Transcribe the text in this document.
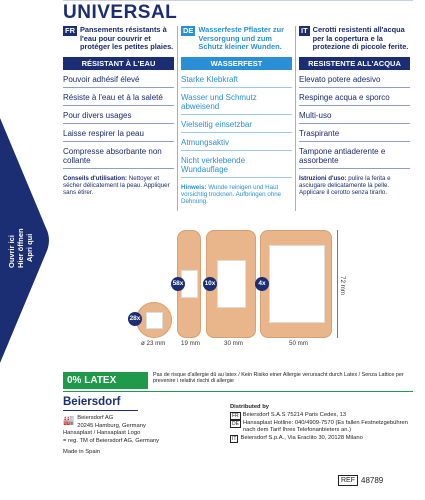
UNIVERSAL
FR Pansements résistants à l'eau pour couvrir et protéger les petites plaies.
RÉSISTANT À L'EAU
Pouvoir adhésif élevé
Résiste à l'eau et à la saleté
Pour divers usages
Laisse respirer la peau
Compresse absorbante non collante
Conseils d'utilisation: Nettoyer et sécher délicatement la peau. Appliquer sans étirer.
DE Wasserfeste Pflaster zur Versorgung und zum Schutz kleiner Wunden.
WASSERFEST
Starke Klebkraft
Wasser und Schmutz abweisend
Vielseitig einsetzbar
Atmungsaktiv
Nicht verklebende Wundauflage
Hinweis: Wunde reinigen und Haut vorsichtig trocknen. Aufbringen ohne Dehnung.
IT Cerotti resistenti all'acqua per la copertura e la protezione di piccole ferite.
RESISTENTE ALL'ACQUA
Elevato potere adesivo
Respinge acqua e sporco
Multi-uso
Traspirante
Tampone antiaderente e assorbente
Istruzioni d'uso: pulire la ferita e asciugare delicatamente la pelle. Applicare il cerotto senza tirarlo.
Ouvrir ici Hier öffnen Apri qui
28x
ø 23 mm
58x
19 mm
10x
30 mm
4x
50 mm
72 mm
0% LATEX	Pas de risque d'allergie dû au latex / Kein Risiko einer Allergie verursacht durch Latex / Senza Lattice per prevenire i relativi rischi di allergie
Beiersdorf
🏭 Beiersdorf AG
20245 Hamburg, Germany
Hansaplast / Hansaplast Logo
= reg. TM of Beiersdorf AG, Germany
Made in Spain
Distributed by
FR Beiersdorf S.A.S 75214 Paris Cedex, 13
DE Hansaplast Hotline: 040/4909-7570 (Es fallen Festnetzgebühren nach dem Tarif Ihres Telefonanbieters an.)
IT Beiersdorf S.p.A., Via Eraclito 30, 20128 Milano
REF 48789
